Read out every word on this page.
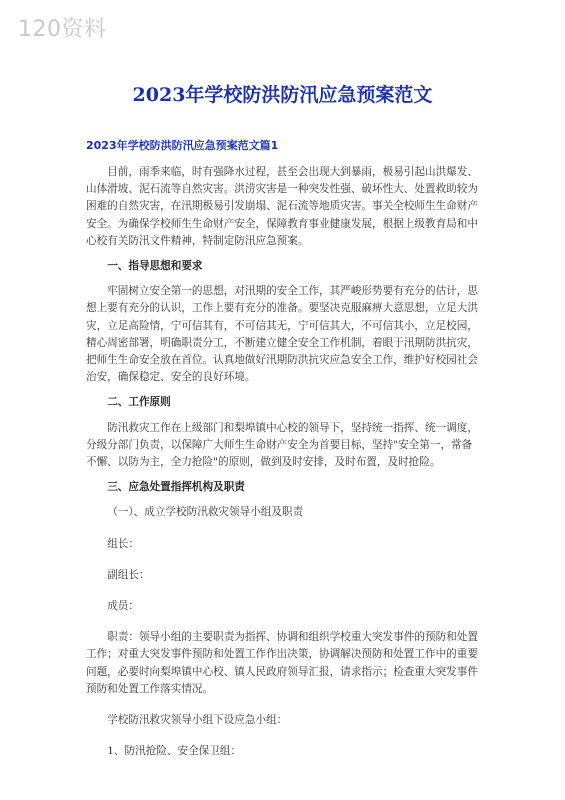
120资料
2023年学校防洪防汛应急预案范文
2023年学校防洪防汛应急预案范文篇1

目前，雨季来临，时有强降水过程，甚至会出现大到暴雨，极易引起山洪爆发、山体滑坡、泥石流等自然灾害。洪涝灾害是一种突发性强、破坏性大、处置救助较为困难的自然灾害，在汛期极易引发崩塌、泥石流等地质灾害。事关全校师生生命财产安全。为确保学校师生生命财产安全，保障教育事业健康发展，根据上级教育局和中心校有关防汛文件精神，特制定防汛应急预案。

一、指导思想和要求

牢固树立安全第一的思想，对汛期的安全工作，其严峻形势要有充分的估计，思想上要有充分的认识，工作上要有充分的准备。要坚决克服麻痹大意思想，立足大洪灾，立足高险情，宁可信其有，不可信其无，宁可信其大，不可信其小，立足校园，精心周密部署，明确职责分工，不断建立健全安全工作机制，着眼于汛期防洪抗灾，把师生生命安全放在首位。认真地做好汛期防洪抗灾应急安全工作，维护好校园社会治安，确保稳定、安全的良好环境。

二、工作原则

防汛救灾工作在上级部门和梨埠镇中心校的领导下，坚持统一指挥、统一调度，分级分部门负责，以保障广大师生生命财产安全为首要目标，坚持"安全第一，常备不懈、以防为主，全力抢险"的原则，做到及时安排，及时布置，及时抢险。

三、应急处置指挥机构及职责

（一）、成立学校防汛救灾领导小组及职责

组长：

副组长：

成员：

职责：领导小组的主要职责为指挥、协调和组织学校重大突发事件的预防和处置工作；对重大突发事件预防和处置工作作出决策，协调解决预防和处置工作中的重要问题，必要时向梨埠镇中心校、镇人民政府领导汇报，请求指示；检查重大突发事件预防和处置工作落实情况。

学校防汛救灾领导小组下设应急小组：

1、防汛抢险、安全保卫组：
